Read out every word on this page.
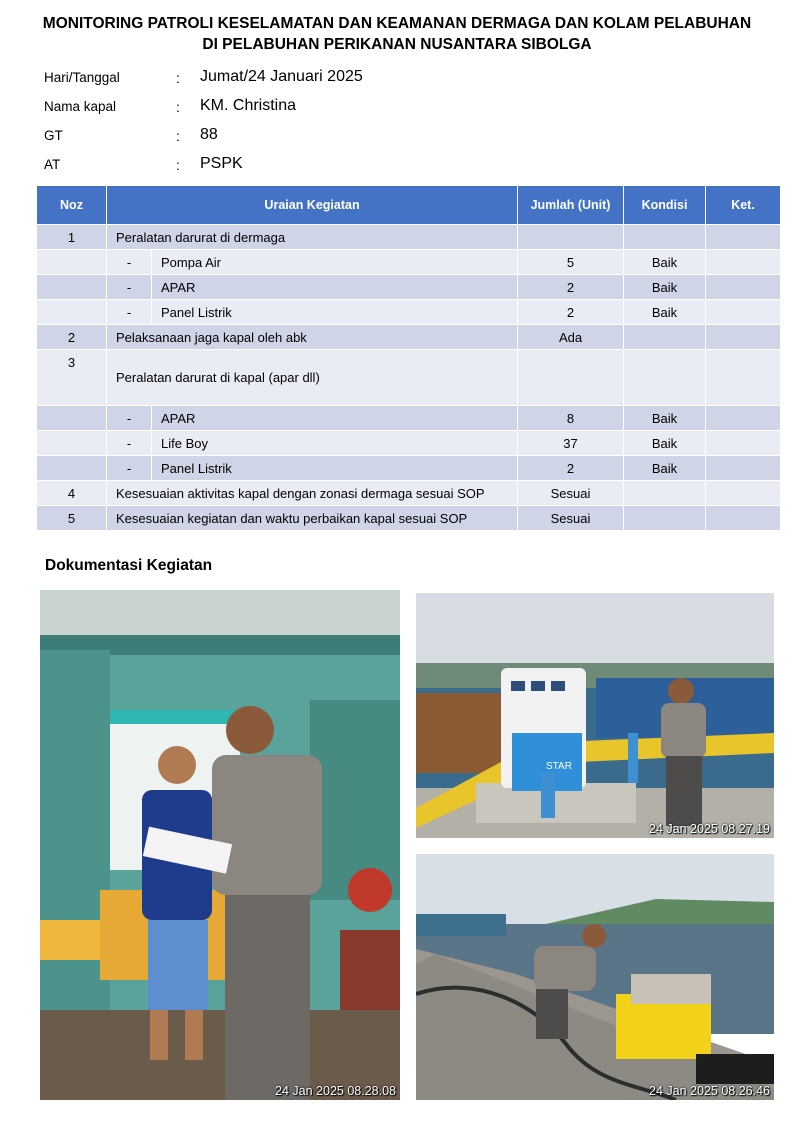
MONITORING PATROLI KESELAMATAN DAN KEAMANAN DERMAGA DAN KOLAM PELABUHAN
DI PELABUHAN PERIKANAN NUSANTARA SIBOLGA
Hari/Tanggal	: Jumat/24 Januari 2025
Nama kapal	: KM. Christina
GT	: 88
AT	: PSPK
Noz	Uraian Kegiatan		Jumlah (Unit)	Kondisi	Ket.
1	Peralatan darurat di dermaga				
	-	Pompa Air	5	Baik	
	-	APAR	2	Baik	
	-	Panel Listrik	2	Baik	
2	Pelaksanaan jaga kapal oleh abk		Ada		
3	Peralatan darurat di kapal (apar dll)				
	-	APAR	8	Baik	
	-	Life Boy	37	Baik	
	-	Panel Listrik	2	Baik	
4	Kesesuaian aktivitas kapal dengan zonasi dermaga sesuai SOP		Sesuai		
5	Kesesuaian kegiatan dan waktu perbaikan kapal sesuai SOP		Sesuai		
Dokumentasi Kegiatan
24 Jan 2025 08.28.08
STAR
24 Jan 2025 08.27.19
24 Jan 2025 08.26.46
